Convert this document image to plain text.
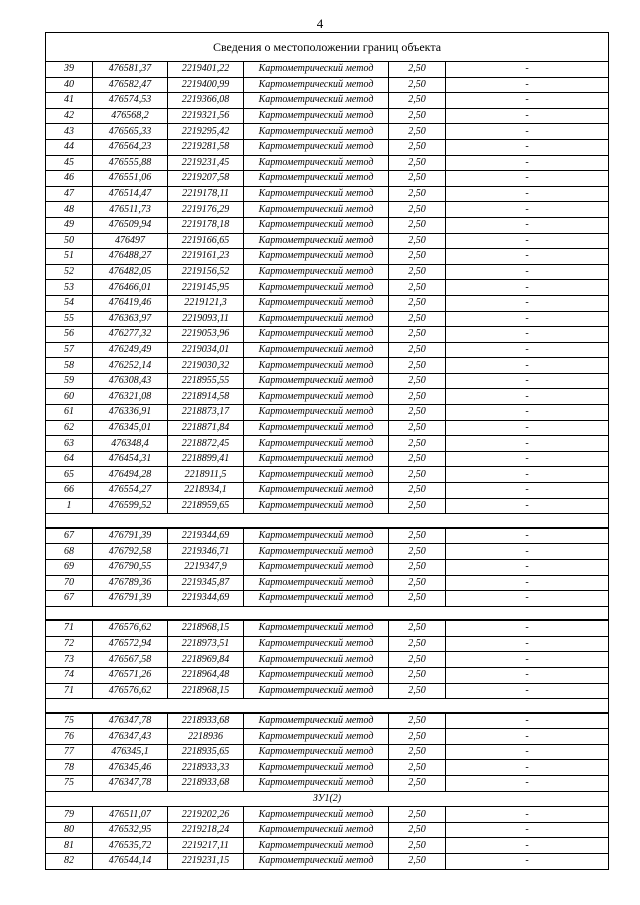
4
Сведения о местоположении границ объекта					
39	476581,37	2219401,22	Картометрический метод	2,50	-
40	476582,47	2219400,99	Картометрический метод	2,50	-
41	476574,53	2219366,08	Картометрический метод	2,50	-
42	476568,2	2219321,56	Картометрический метод	2,50	-
43	476565,33	2219295,42	Картометрический метод	2,50	-
44	476564,23	2219281,58	Картометрический метод	2,50	-
45	476555,88	2219231,45	Картометрический метод	2,50	-
46	476551,06	2219207,58	Картометрический метод	2,50	-
47	476514,47	2219178,11	Картометрический метод	2,50	-
48	476511,73	2219176,29	Картометрический метод	2,50	-
49	476509,94	2219178,18	Картометрический метод	2,50	-
50	476497	2219166,65	Картометрический метод	2,50	-
51	476488,27	2219161,23	Картометрический метод	2,50	-
52	476482,05	2219156,52	Картометрический метод	2,50	-
53	476466,01	2219145,95	Картометрический метод	2,50	-
54	476419,46	2219121,3	Картометрический метод	2,50	-
55	476363,97	2219093,11	Картометрический метод	2,50	-
56	476277,32	2219053,96	Картометрический метод	2,50	-
57	476249,49	2219034,01	Картометрический метод	2,50	-
58	476252,14	2219030,32	Картометрический метод	2,50	-
59	476308,43	2218955,55	Картометрический метод	2,50	-
60	476321,08	2218914,58	Картометрический метод	2,50	-
61	476336,91	2218873,17	Картометрический метод	2,50	-
62	476345,01	2218871,84	Картометрический метод	2,50	-
63	476348,4	2218872,45	Картометрический метод	2,50	-
64	476454,31	2218899,41	Картометрический метод	2,50	-
65	476494,28	2218911,5	Картометрический метод	2,50	-
66	476554,27	2218934,1	Картометрический метод	2,50	-
1	476599,52	2218959,65	Картометрический метод	2,50	-

67	476791,39	2219344,69	Картометрический метод	2,50	-
68	476792,58	2219346,71	Картометрический метод	2,50	-
69	476790,55	2219347,9	Картометрический метод	2,50	-
70	476789,36	2219345,87	Картометрический метод	2,50	-
67	476791,39	2219344,69	Картометрический метод	2,50	-

71	476576,62	2218968,15	Картометрический метод	2,50	-
72	476572,94	2218973,51	Картометрический метод	2,50	-
73	476567,58	2218969,84	Картометрический метод	2,50	-
74	476571,26	2218964,48	Картометрический метод	2,50	-
71	476576,62	2218968,15	Картометрический метод	2,50	-

75	476347,78	2218933,68	Картометрический метод	2,50	-
76	476347,43	2218936	Картометрический метод	2,50	-
77	476345,1	2218935,65	Картометрический метод	2,50	-
78	476345,46	2218933,33	Картометрический метод	2,50	-
75	476347,78	2218933,68	Картометрический метод	2,50	-
ЗУ1(2)					
79	476511,07	2219202,26	Картометрический метод	2,50	-
80	476532,95	2219218,24	Картометрический метод	2,50	-
81	476535,72	2219217,11	Картометрический метод	2,50	-
82	476544,14	2219231,15	Картометрический метод	2,50	-
